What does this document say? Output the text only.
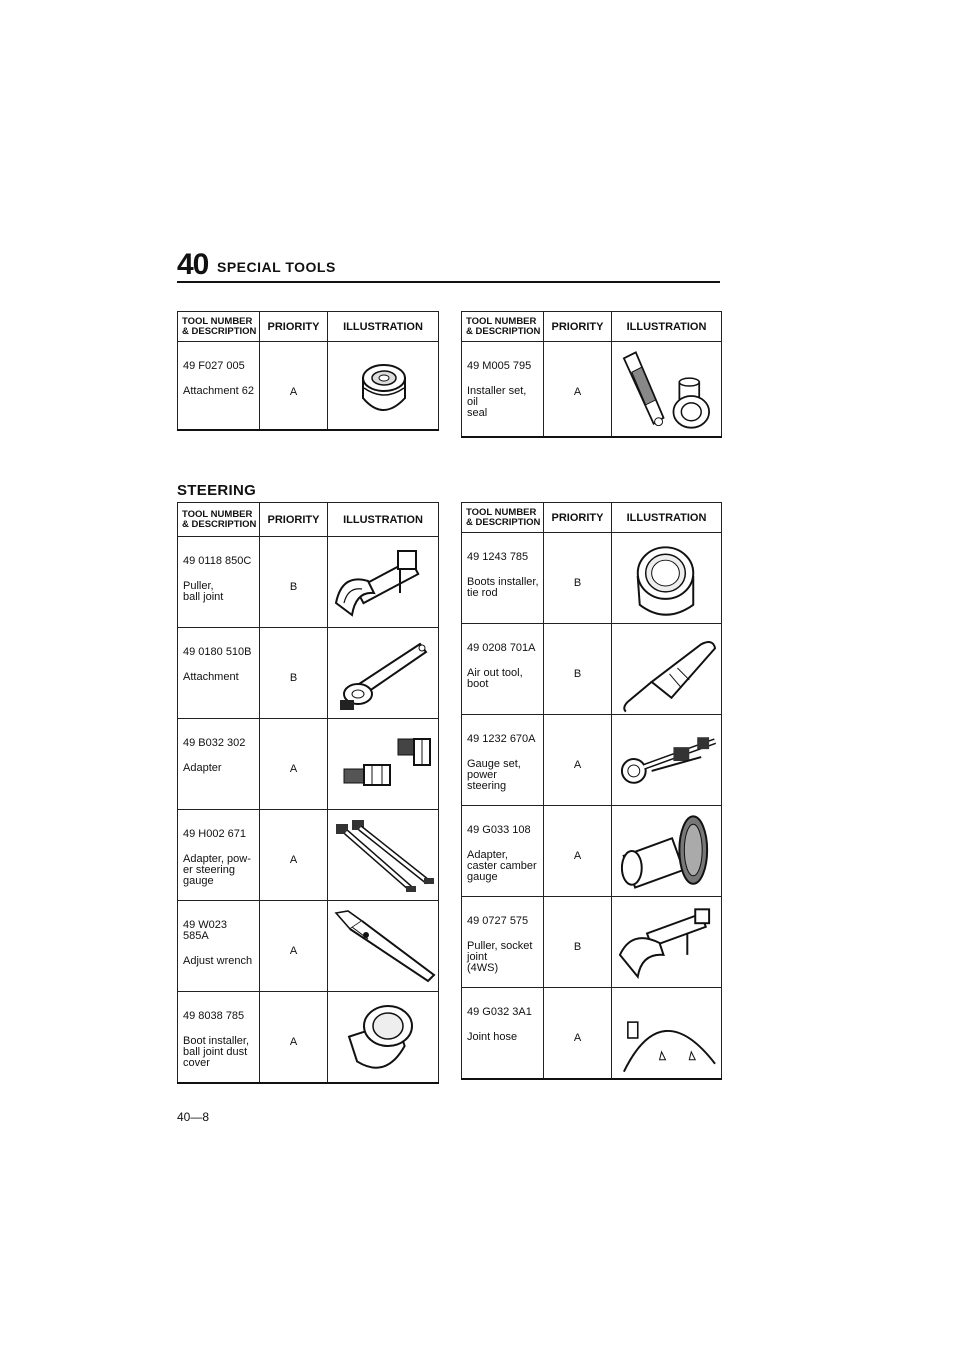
40 SPECIAL TOOLS
TOOL NUMBER
& DESCRIPTION	PRIORITY	ILLUSTRATION

49 F027 005
Attachment 62	A	
TOOL NUMBER
& DESCRIPTION	PRIORITY	ILLUSTRATION

49 M005 795
Installer set, oil
seal	A	
STEERING
TOOL NUMBER
& DESCRIPTION	PRIORITY	ILLUSTRATION

49 0118 850C
Puller,
ball joint	B	

49 0180 510B
Attachment	B	

49 B032 302
Adapter	A	

49 H002 671
Adapter, pow-
er steering
gauge	A	

49 W023 585A
Adjust wrench	A	

49 8038 785
Boot installer,
ball joint dust
cover	A	
TOOL NUMBER
& DESCRIPTION	PRIORITY	ILLUSTRATION

49 1243 785
Boots installer,
tie rod	B	

49 0208 701A
Air out tool,
boot	B	

49 1232 670A
Gauge set,
power steering	A	

49 G033 108
Adapter,
caster camber
gauge	A	

49 0727 575
Puller, socket
joint
(4WS)	B	

49 G032 3A1
Joint hose	A	
40—8
